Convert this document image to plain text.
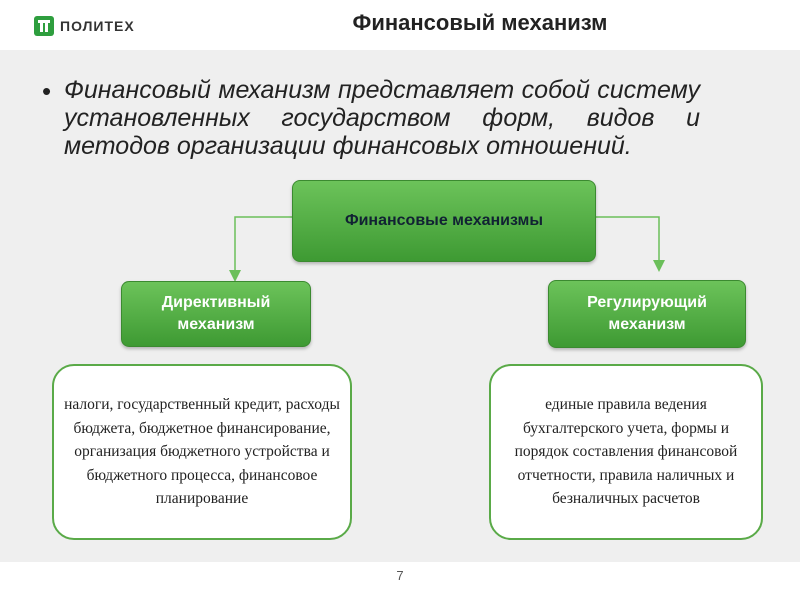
ПОЛИТЕХ	Финансовый механизм
• Финансовый механизм представляет собой систему установленных государством форм, видов и методов организации финансовых отношений.
Финансовые механизмы
Директивный механизм
Регулирующий механизм
налоги, государственный кредит, расходы бюджета, бюджетное финансирование, организация бюджетного устройства и бюджетного процесса, финансовое планирование
единые правила ведения бухгалтерского учета, формы и порядок составления финансовой отчетности, правила наличных и безналичных расчетов
7
